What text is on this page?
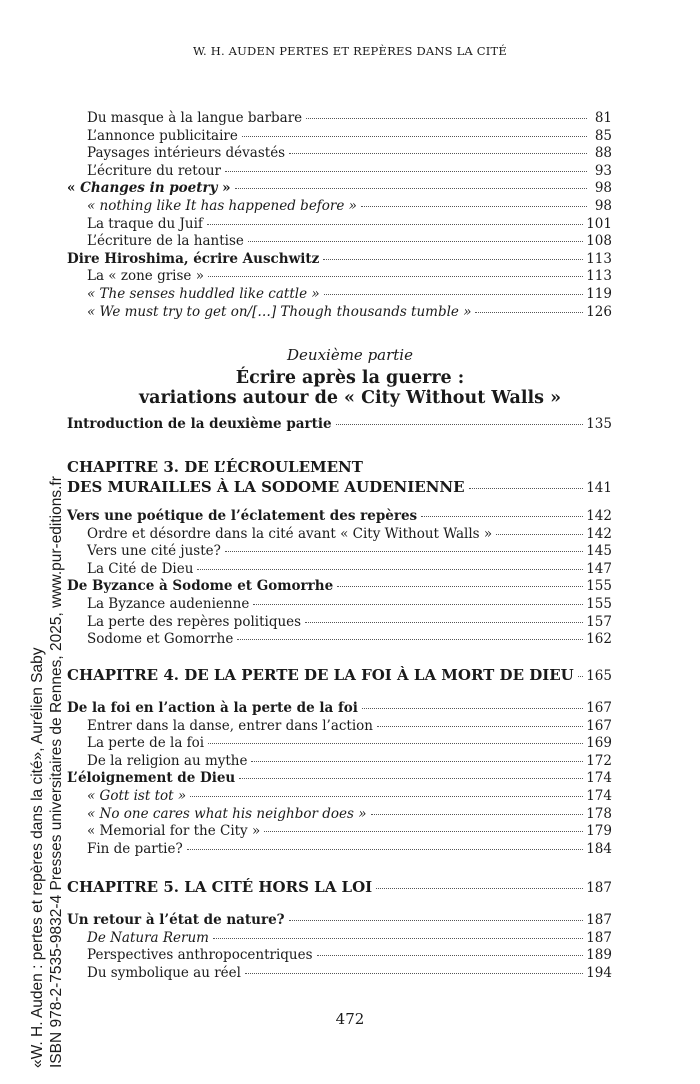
W. H. AUDEN PERTES ET REPÈRES DANS LA CITÉ
«W. H. Auden : pertes et repères dans la cité», Aurélien Saby ISBN 978-2-7535-9832-4 Presses universitaires de Rennes, 2025, www.pur-editions.fr
Du masque à la langue barbare	81
L’annonce publicitaire	85
Paysages intérieurs dévastés	88
L’écriture du retour	93
« Changes in poetry »	98
« nothing like It has happened before »	98
La traque du Juif	101
L’écriture de la hantise	108
Dire Hiroshima, écrire Auschwitz	113
La « zone grise »	113
« The senses huddled like cattle »	119
« We must try to get on/[…] Though thousands tumble »	126
Deuxième partie
Écrire après la guerre :
variations autour de « City Without Walls »
Introduction de la deuxième partie	135
CHAPITRE 3. DE L’ÉCROULEMENT
DES MURAILLES À LA SODOME AUDENIENNE	141
Vers une poétique de l’éclatement des repères	142
Ordre et désordre dans la cité avant « City Without Walls »	142
Vers une cité juste?	145
La Cité de Dieu	147
De Byzance à Sodome et Gomorrhe	155
La Byzance audenienne	155
La perte des repères politiques	157
Sodome et Gomorrhe	162
CHAPITRE 4. DE LA PERTE DE LA FOI À LA MORT DE DIEU 165
De la foi en l’action à la perte de la foi	167
Entrer dans la danse, entrer dans l’action	167
La perte de la foi	169
De la religion au mythe	172
L’éloignement de Dieu	174
« Gott ist tot »	174
« No one cares what his neighbor does »	178
« Memorial for the City »	179
Fin de partie?	184
CHAPITRE 5. LA CITÉ HORS LA LOI	187
Un retour à l’état de nature?	187
De Natura Rerum	187
Perspectives anthropocentriques	189
Du symbolique au réel	194
472
